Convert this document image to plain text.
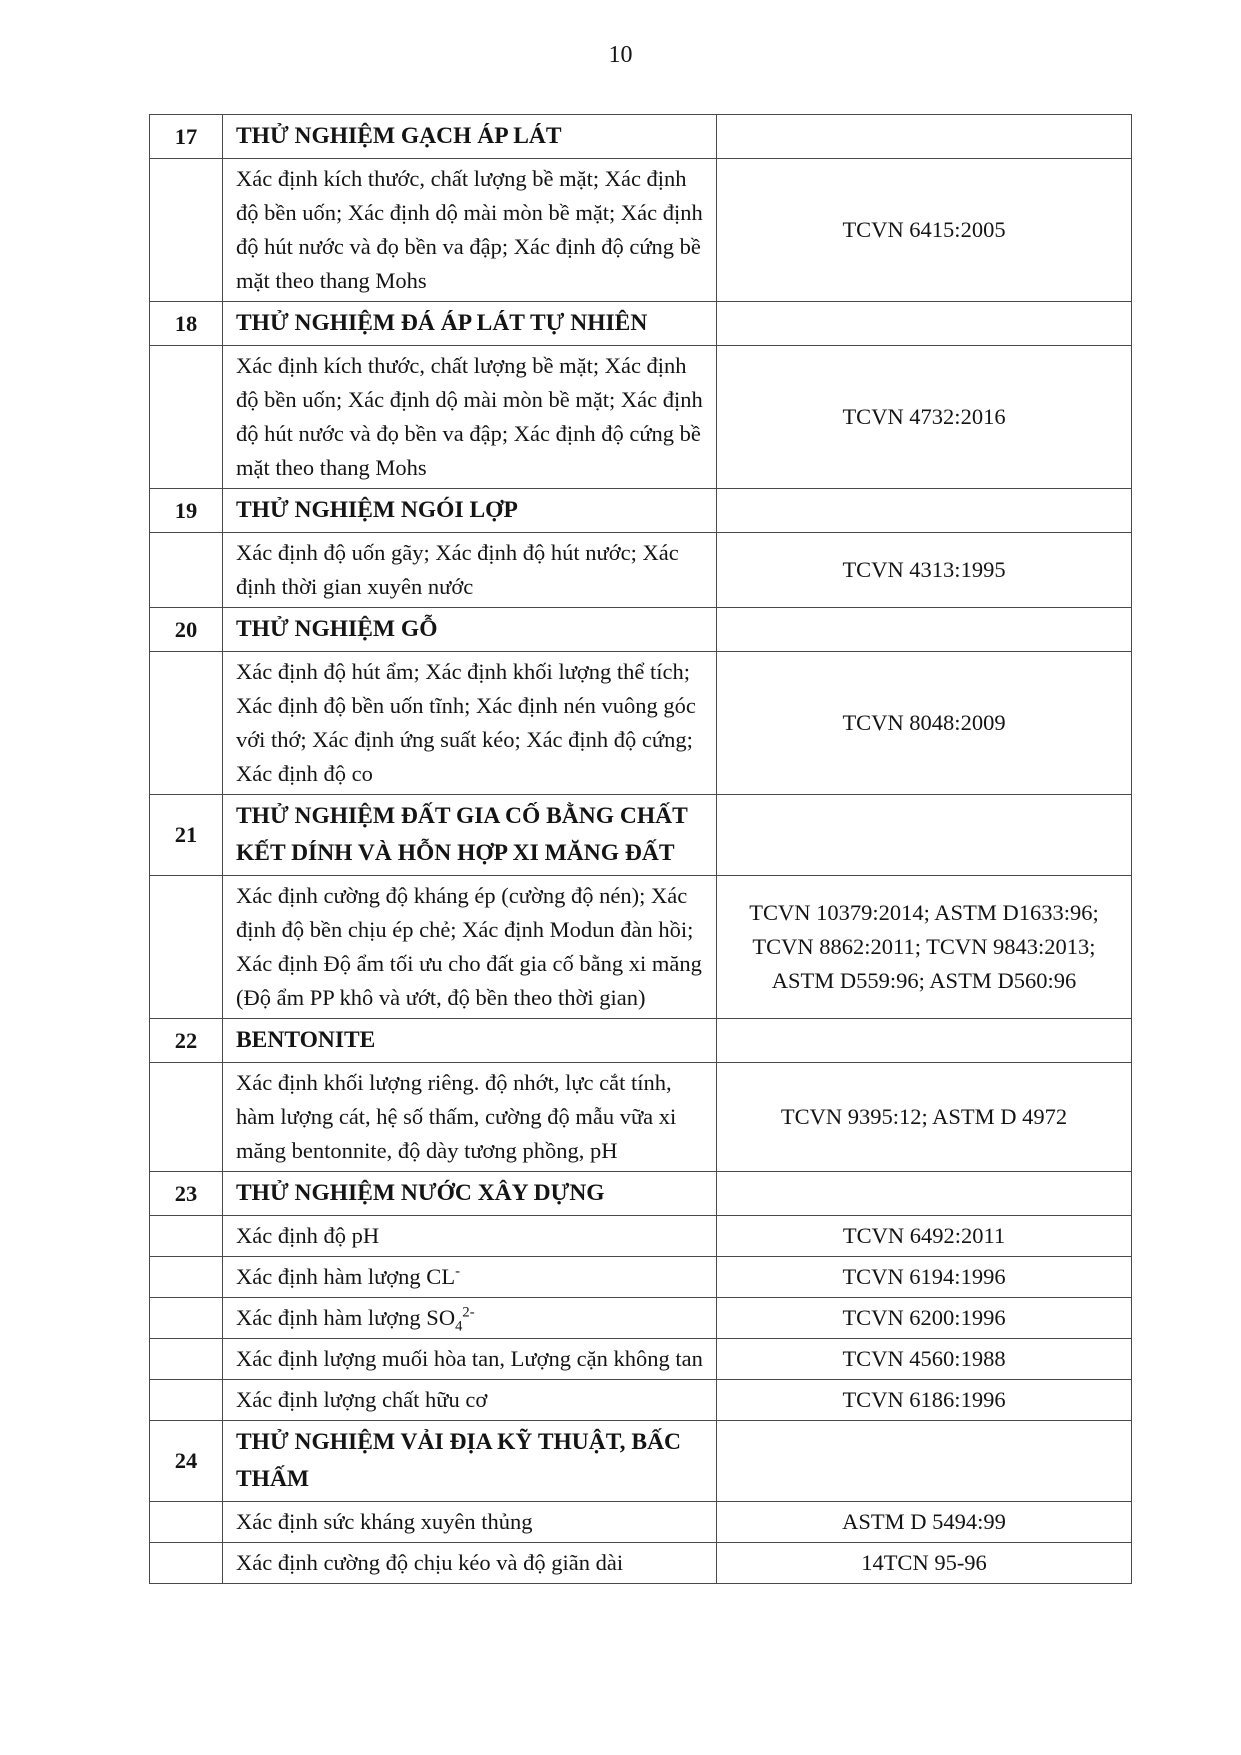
10
17	THỬ NGHIỆM GẠCH ÁP LÁT	
	Xác định kích thước, chất lượng bề mặt; Xác định độ bền uốn; Xác định dộ mài mòn bề mặt; Xác định độ hút nước và đọ bền va đập; Xác định độ cứng bề mặt theo thang Mohs	TCVN 6415:2005
18	THỬ NGHIỆM ĐÁ ÁP LÁT TỰ NHIÊN	
	Xác định kích thước, chất lượng bề mặt; Xác định độ bền uốn; Xác định dộ mài mòn bề mặt; Xác định độ hút nước và đọ bền va đập; Xác định độ cứng bề mặt theo thang Mohs	TCVN 4732:2016
19	THỬ NGHIỆM NGÓI LỢP	
	Xác định độ uốn gãy; Xác định độ hút nước; Xác định thời gian xuyên nước	TCVN 4313:1995
20	THỬ NGHIỆM GỖ	
	Xác định độ hút ẩm; Xác định khối lượng thể tích; Xác định độ bền uốn tĩnh; Xác định nén vuông góc với thớ; Xác định ứng suất kéo; Xác định độ cứng; Xác định độ co	TCVN 8048:2009
21	THỬ NGHIỆM ĐẤT GIA CỐ BẰNG CHẤT KẾT DÍNH VÀ HỖN HỢP XI MĂNG ĐẤT	
	Xác định cường độ kháng ép (cường độ nén); Xác định độ bền chịu ép chẻ; Xác định Modun đàn hồi; Xác định Độ ẩm tối ưu cho đất gia cố bằng xi măng (Độ ẩm PP khô và ướt, độ bền theo thời gian)	TCVN 10379:2014; ASTM D1633:96; TCVN 8862:2011; TCVN 9843:2013; ASTM D559:96; ASTM D560:96
22	BENTONITE	
	Xác định khối lượng riêng. độ nhớt, lực cắt tính, hàm lượng cát, hệ số thấm, cường độ mẫu vữa xi măng bentonnite, độ dày tương phồng, pH	TCVN 9395:12; ASTM D 4972
23	THỬ NGHIỆM NƯỚC XÂY DỰNG	
	Xác định độ pH	TCVN 6492:2011
	Xác định hàm lượng CL-	TCVN 6194:1996
	Xác định hàm lượng $SO_4^{2-}$	TCVN 6200:1996
	Xác định lượng muối hòa tan, Lượng cặn không tan	TCVN 4560:1988
	Xác định lượng chất hữu cơ	TCVN 6186:1996
24	THỬ NGHIỆM VẢI ĐỊA KỸ THUẬT, BẤC THẤM	
	Xác định sức kháng xuyên thủng	ASTM D 5494:99
	Xác định cường độ chịu kéo và độ giãn dài	14TCN 95-96
